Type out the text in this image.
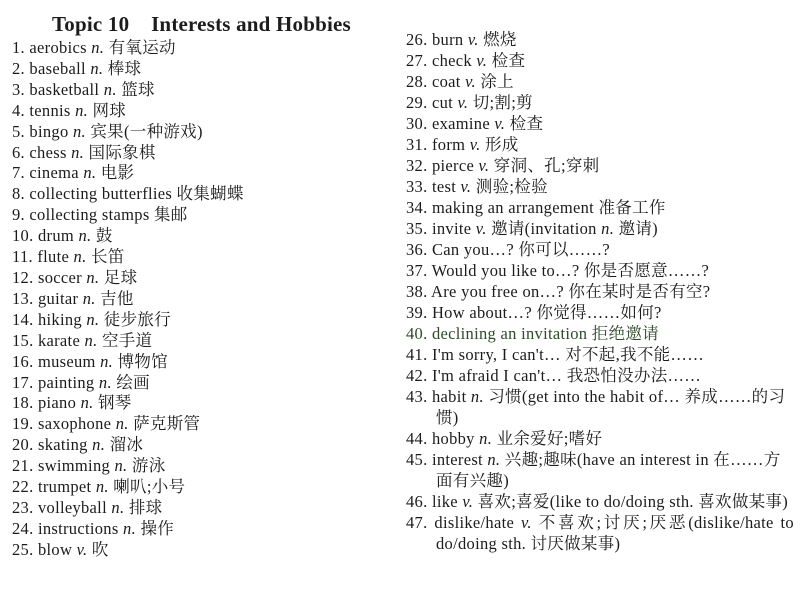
Topic 10    Interests and Hobbies
1. aerobics n. 有氧运动
2. baseball n. 棒球
3. basketball n. 篮球
4. tennis n. 网球
5. bingo n. 宾果(一种游戏)
6. chess n. 国际象棋
7. cinema n. 电影
8. collecting butterflies 收集蝴蝶
9. collecting stamps 集邮
10. drum n. 鼓
11. flute n. 长笛
12. soccer n. 足球
13. guitar n. 吉他
14. hiking n. 徒步旅行
15. karate n. 空手道
16. museum n. 博物馆
17. painting n. 绘画
18. piano n. 钢琴
19. saxophone n. 萨克斯管
20. skating n. 溜冰
21. swimming n. 游泳
22. trumpet n. 喇叭;小号
23. volleyball n. 排球
24. instructions n. 操作
25. blow v. 吹
26. burn v. 燃烧
27. check v. 检查
28. coat v. 涂上
29. cut v. 切;割;剪
30. examine v. 检查
31. form v. 形成
32. pierce v. 穿洞、孔;穿刺
33. test v. 测验;检验
34. making an arrangement 准备工作
35. invite v. 邀请(invitation n. 邀请)
36. Can you…? 你可以……?
37. Would you like to…? 你是否愿意……?
38. Are you free on…? 你在某时是否有空?
39. How about…? 你觉得……如何?
40. declining an invitation 拒绝邀请
41. I'm sorry, I can't… 对不起,我不能……
42. I'm afraid I can't… 我恐怕没办法……
43. habit n. 习惯(get into the habit of… 养成……的习惯)
44. hobby n. 业余爱好;嗜好
45. interest n. 兴趣;趣味(have an interest in 在……方面有兴趣)
46. like v. 喜欢;喜爱(like to do/doing sth. 喜欢做某事)
47. dislike/hate v. 不喜欢;讨厌;厌恶(dislike/hate to do/doing sth. 讨厌做某事)
